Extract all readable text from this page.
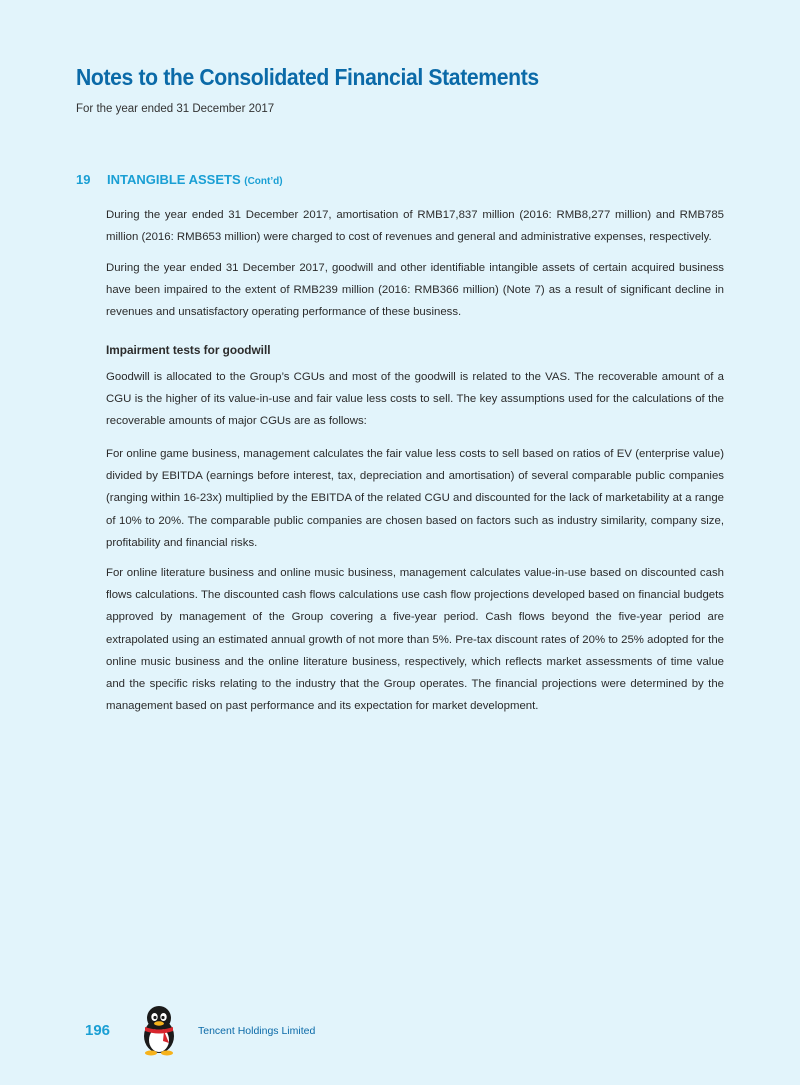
Notes to the Consolidated Financial Statements
For the year ended 31 December 2017
19 INTANGIBLE ASSETS (Cont’d)

During the year ended 31 December 2017, amortisation of RMB17,837 million (2016: RMB8,277 million) and RMB785 million (2016: RMB653 million) were charged to cost of revenues and general and administrative expenses, respectively.

During the year ended 31 December 2017, goodwill and other identifiable intangible assets of certain acquired business have been impaired to the extent of RMB239 million (2016: RMB366 million) (Note 7) as a result of significant decline in revenues and unsatisfactory operating performance of these business.

Impairment tests for goodwill

Goodwill is allocated to the Group’s CGUs and most of the goodwill is related to the VAS. The recoverable amount of a CGU is the higher of its value-in-use and fair value less costs to sell. The key assumptions used for the calculations of the recoverable amounts of major CGUs are as follows:

For online game business, management calculates the fair value less costs to sell based on ratios of EV (enterprise value) divided by EBITDA (earnings before interest, tax, depreciation and amortisation) of several comparable public companies (ranging within 16-23x) multiplied by the EBITDA of the related CGU and discounted for the lack of marketability at a range of 10% to 20%. The comparable public companies are chosen based on factors such as industry similarity, company size, profitability and financial risks.

For online literature business and online music business, management calculates value-in-use based on discounted cash flows calculations. The discounted cash flows calculations use cash flow projections developed based on financial budgets approved by management of the Group covering a five-year period. Cash flows beyond the five-year period are extrapolated using an estimated annual growth of not more than 5%. Pre-tax discount rates of 20% to 25% adopted for the online music business and the online literature business, respectively, which reflects market assessments of time value and the specific risks relating to the industry that the Group operates. The financial projections were determined by the management based on past performance and its expectation for market development.

196	Tencent Holdings Limited
